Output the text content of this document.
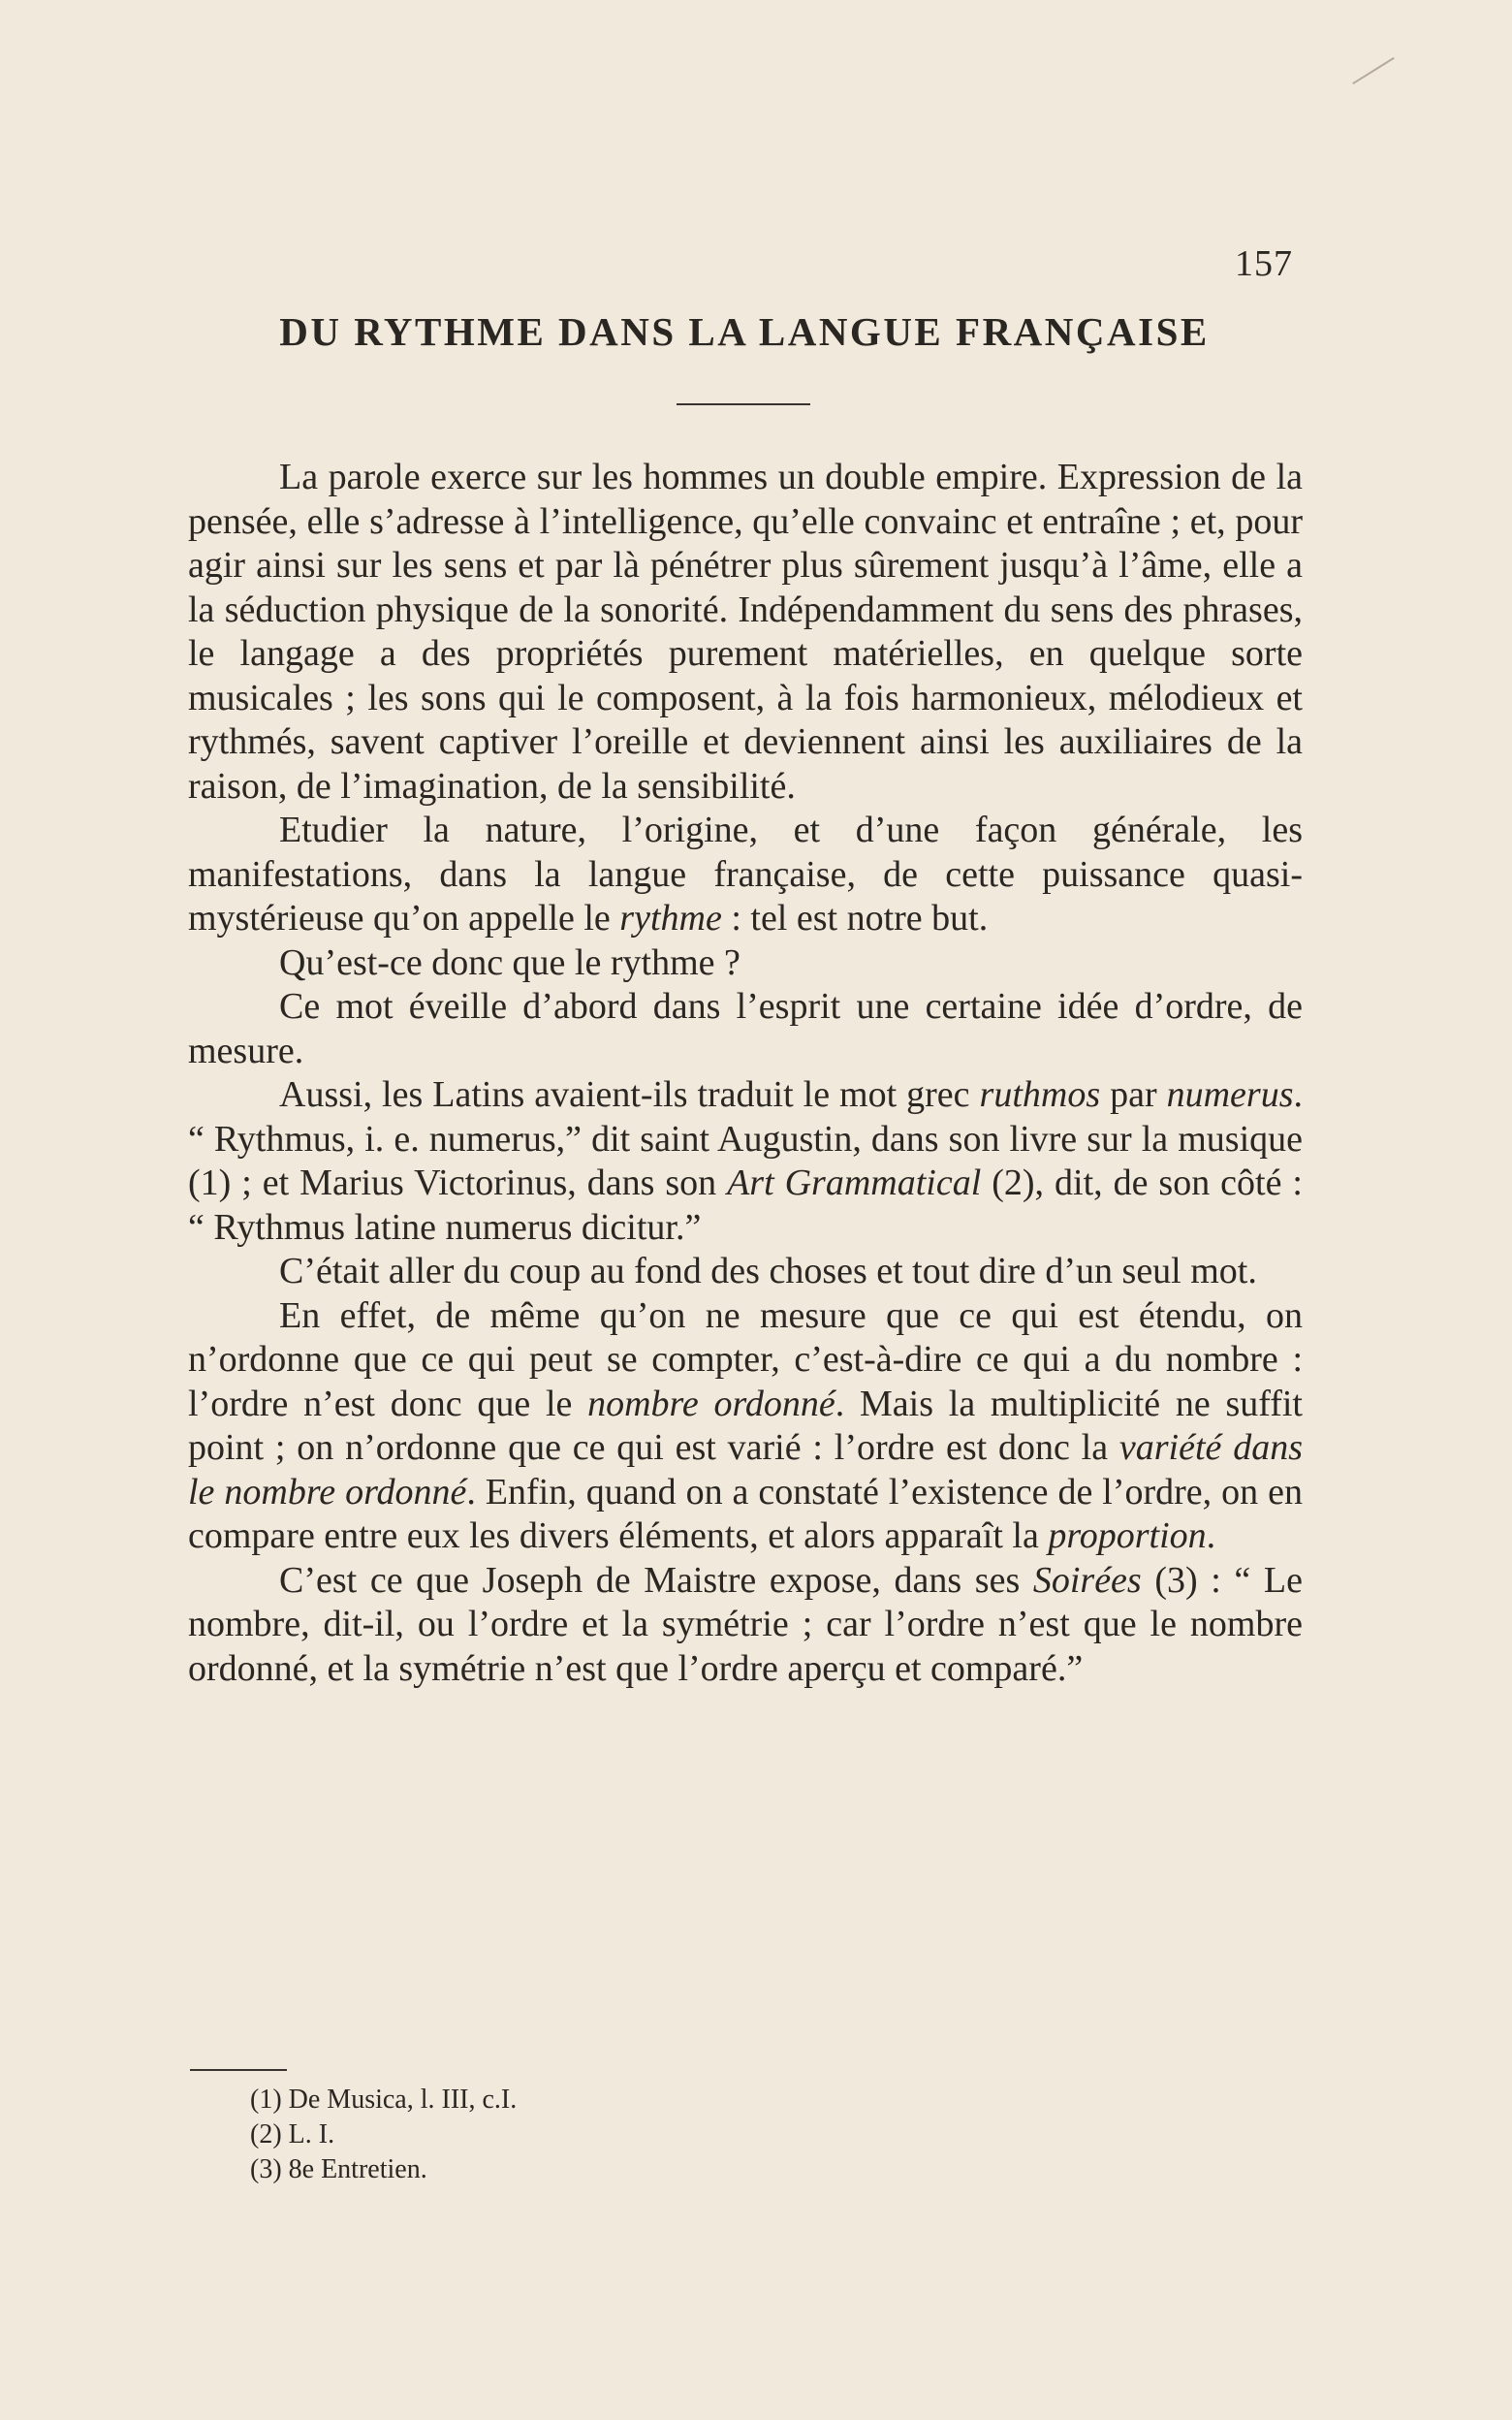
157
DU RYTHME DANS LA LANGUE FRANÇAISE

La parole exerce sur les hommes un double empire. Expression de la pensée, elle s’adresse à l’intelligence, qu’elle convainc et entraîne ; et, pour agir ainsi sur les sens et par là pénétrer plus sûrement jusqu’à l’âme, elle a la séduction physique de la sonorité. Indépendamment du sens des phrases, le langage a des propriétés purement matérielles, en quelque sorte musicales ; les sons qui le composent, à la fois harmonieux, mélodieux et rythmés, savent captiver l’oreille et deviennent ainsi les auxiliaires de la raison, de l’imagination, de la sensibilité.

Etudier la nature, l’origine, et d’une façon générale, les manifestations, dans la langue française, de cette puissance quasi-mystérieuse qu’on appelle le rythme : tel est notre but.

Qu’est-ce donc que le rythme ?

Ce mot éveille d’abord dans l’esprit une certaine idée d’ordre, de mesure.

Aussi, les Latins avaient-ils traduit le mot grec ruthmos par numerus. “ Rythmus, i. e. numerus,” dit saint Augustin, dans son livre sur la musique (1) ; et Marius Victorinus, dans son Art Grammatical (2), dit, de son côté : “ Rythmus latine numerus dicitur.”

C’était aller du coup au fond des choses et tout dire d’un seul mot.

En effet, de même qu’on ne mesure que ce qui est étendu, on n’ordonne que ce qui peut se compter, c’est-à-dire ce qui a du nombre : l’ordre n’est donc que le nombre ordonné. Mais la multiplicité ne suffit point ; on n’ordonne que ce qui est varié : l’ordre est donc la variété dans le nombre ordonné. Enfin, quand on a constaté l’existence de l’ordre, on en compare entre eux les divers éléments, et alors apparaît la proportion.

C’est ce que Joseph de Maistre expose, dans ses Soirées (3) : “ Le nombre, dit-il, ou l’ordre et la symétrie ; car l’ordre n’est que le nombre ordonné, et la symétrie n’est que l’ordre aperçu et comparé.”

(1) De Musica, l. III, c.I.
(2) L. I.
(3) 8e Entretien.
